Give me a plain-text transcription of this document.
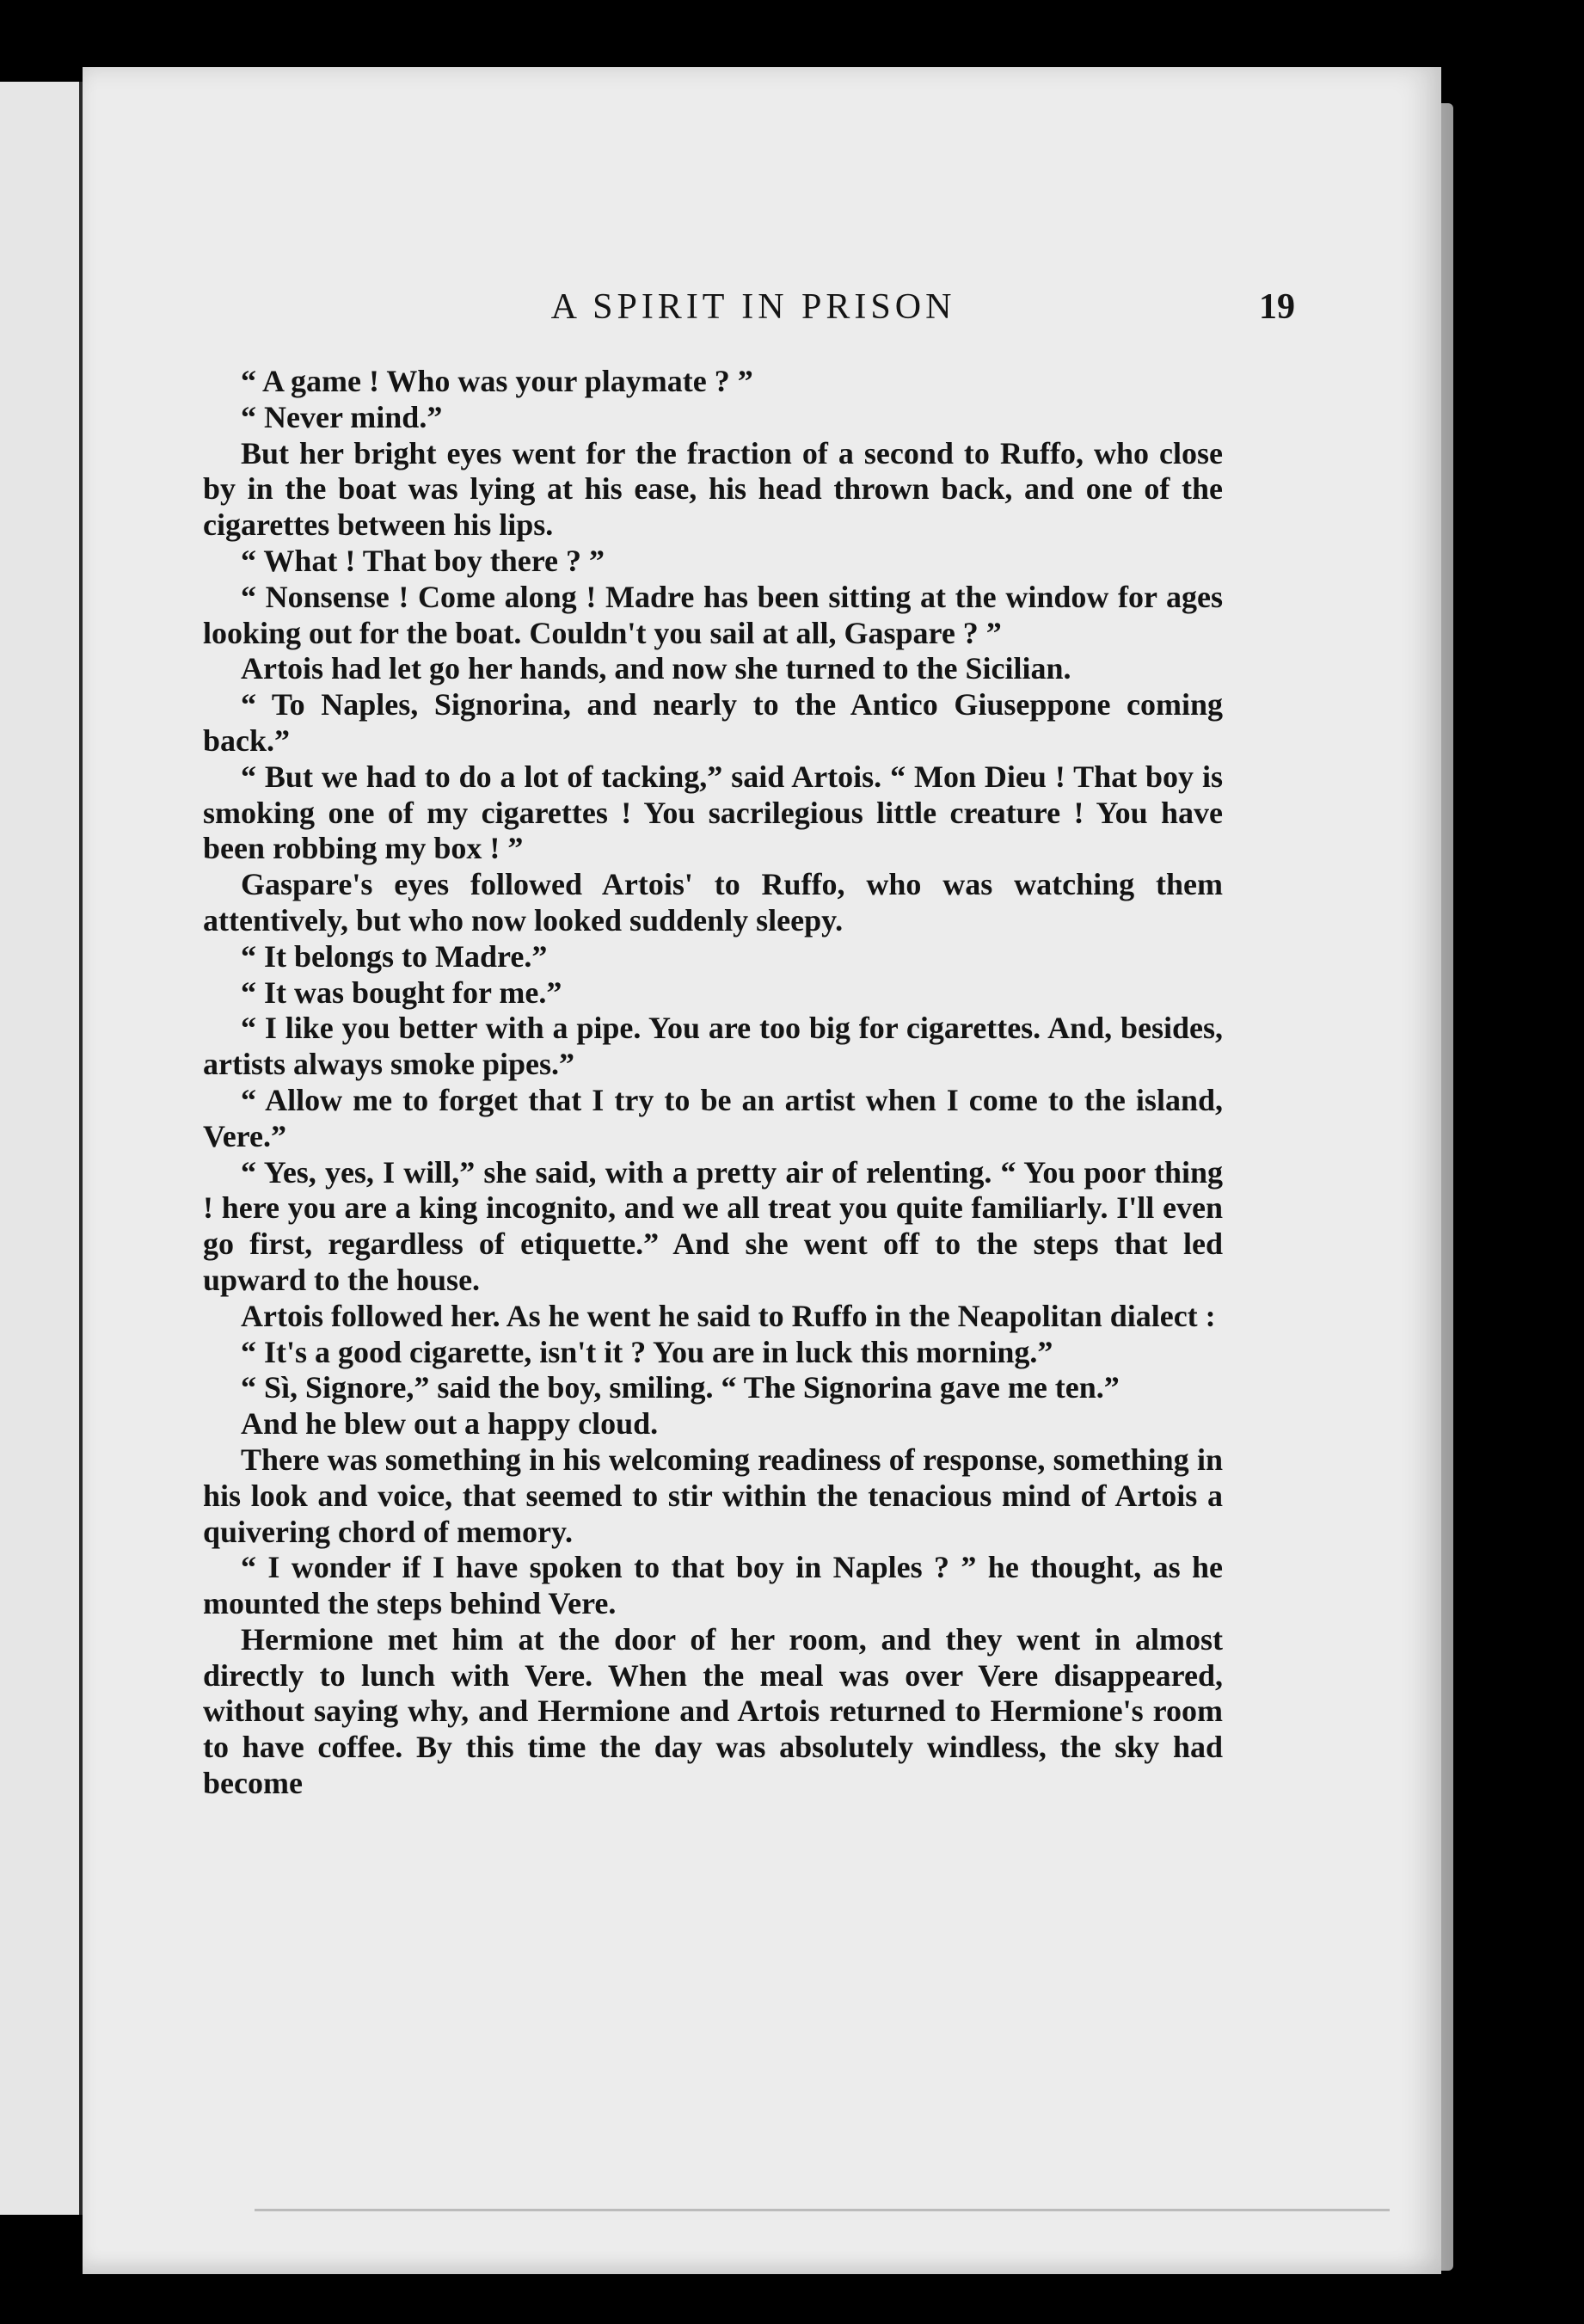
A SPIRIT IN PRISON	19

“ A game ! Who was your playmate ? ”

“ Never mind.”

But her bright eyes went for the fraction of a second to Ruffo, who close by in the boat was lying at his ease, his head thrown back, and one of the cigarettes between his lips.

“ What ! That boy there ? ”

“ Nonsense ! Come along ! Madre has been sitting at the window for ages looking out for the boat. Couldn't you sail at all, Gaspare ? ”

Artois had let go her hands, and now she turned to the Sicilian.

“ To Naples, Signorina, and nearly to the Antico Giuseppone coming back.”

“ But we had to do a lot of tacking,” said Artois. “ Mon Dieu ! That boy is smoking one of my cigarettes ! You sacrilegious little creature ! You have been robbing my box ! ”

Gaspare's eyes followed Artois' to Ruffo, who was watching them attentively, but who now looked suddenly sleepy.

“ It belongs to Madre.”

“ It was bought for me.”

“ I like you better with a pipe. You are too big for cigarettes. And, besides, artists always smoke pipes.”

“ Allow me to forget that I try to be an artist when I come to the island, Vere.”

“ Yes, yes, I will,” she said, with a pretty air of relenting. “ You poor thing ! here you are a king incognito, and we all treat you quite familiarly. I'll even go first, regardless of etiquette.” And she went off to the steps that led upward to the house.

Artois followed her. As he went he said to Ruffo in the Neapolitan dialect :

“ It's a good cigarette, isn't it ? You are in luck this morning.”

“ Sì, Signore,” said the boy, smiling. “ The Signorina gave me ten.”

And he blew out a happy cloud.

There was something in his welcoming readiness of response, something in his look and voice, that seemed to stir within the tenacious mind of Artois a quivering chord of memory.

“ I wonder if I have spoken to that boy in Naples ? ” he thought, as he mounted the steps behind Vere.

Hermione met him at the door of her room, and they went in almost directly to lunch with Vere. When the meal was over Vere disappeared, without saying why, and Hermione and Artois returned to Hermione's room to have coffee. By this time the day was absolutely windless, the sky had become
